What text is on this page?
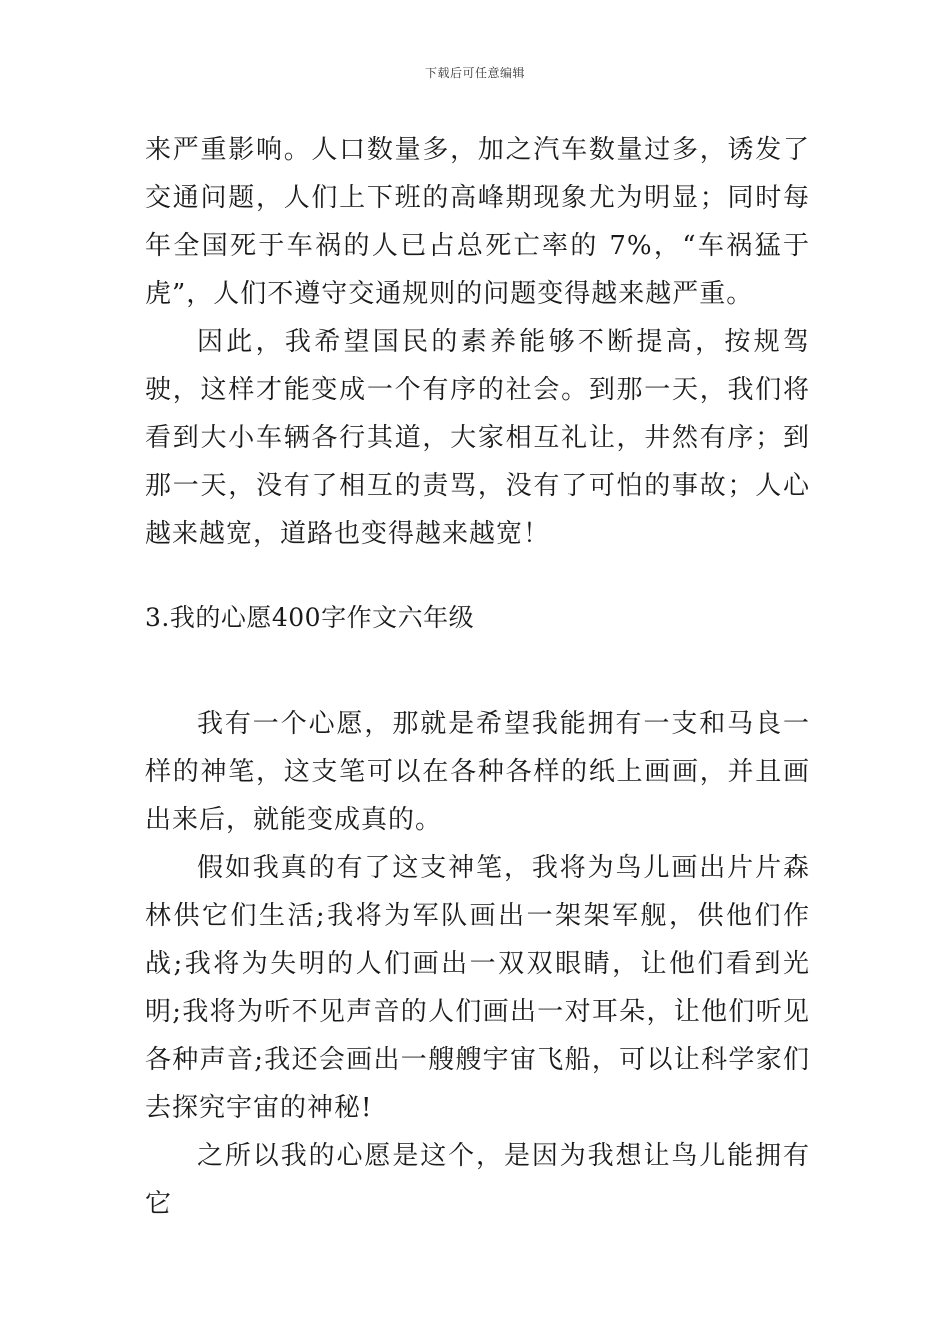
下载后可任意编辑

来严重影响。人口数量多，加之汽车数量过多，诱发了交通问题，人们上下班的高峰期现象尤为明显；同时每年全国死于车祸的人已占总死亡率的 7%，“车祸猛于虎”，人们不遵守交通规则的问题变得越来越严重。

因此，我希望国民的素养能够不断提高，按规驾驶，这样才能变成一个有序的社会。到那一天，我们将看到大小车辆各行其道，大家相互礼让，井然有序；到那一天，没有了相互的责骂，没有了可怕的事故；人心越来越宽，道路也变得越来越宽！

3.我的心愿400字作文六年级

我有一个心愿，那就是希望我能拥有一支和马良一样的神笔，这支笔可以在各种各样的纸上画画，并且画出来后，就能变成真的。

假如我真的有了这支神笔，我将为鸟儿画出片片森林供它们生活;我将为军队画出一架架军舰，供他们作战;我将为失明的人们画出一双双眼睛，让他们看到光明;我将为听不见声音的人们画出一对耳朵，让他们听见各种声音;我还会画出一艘艘宇宙飞船，可以让科学家们去探究宇宙的神秘!

之所以我的心愿是这个，是因为我想让鸟儿能拥有它
